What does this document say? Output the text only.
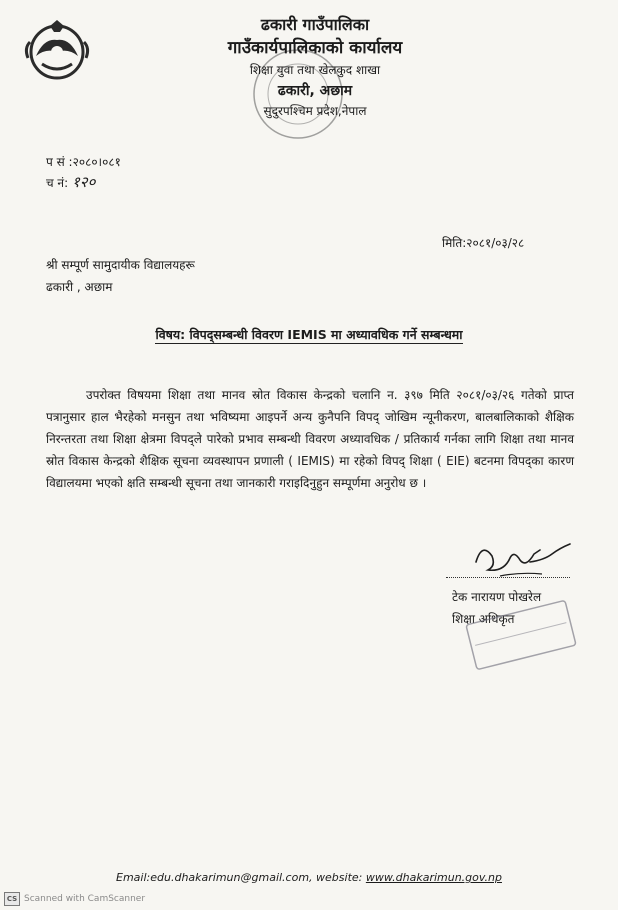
ढकारी गाउँपालिका
गाउँकार्यपालिकाको कार्यालय
शिक्षा युवा तथा खेलकुद शाखा
ढकारी, अछाम
सुदुरपश्चिम प्रदेश,नेपाल
प सं :२०८०।०८१
च नं: १२०
मिति:२०८१/०३/२८
श्री सम्पूर्ण सामुदायीक विद्यालयहरू
ढकारी , अछाम
विषय: विपद्सम्बन्धी विवरण IEMIS मा अध्यावधिक गर्ने सम्बन्धमा
उपरोक्त विषयमा शिक्षा तथा मानव स्रोत विकास केन्द्रको चलानि न. ३९७ मिति २०८१/०३/२६ गतेको प्राप्त पत्रानुसार हाल भैरहेको मनसुन तथा भविष्यमा आइपर्ने अन्य कुनैपनि विपद् जोखिम न्यूनीकरण, बालबालिकाको शैक्षिक निरन्तरता तथा शिक्षा क्षेत्रमा विपद्ले पारेको प्रभाव सम्बन्धी विवरण अध्यावधिक / प्रतिकार्य गर्नका लागि शिक्षा तथा मानव स्रोत विकास केन्द्रको शैक्षिक सूचना व्यवस्थापन प्रणाली ( IEMIS) मा रहेको विपद् शिक्षा ( EIE) बटनमा विपद्का कारण विद्यालयमा भएको क्षति सम्बन्धी सूचना तथा जानकारी गराइदिनुहुन सम्पूर्णमा अनुरोध छ ।
टेक नारायण पोखरेल
शिक्षा अधिकृत
Email:edu.dhakarimun@gmail.com, website: www.dhakarimun.gov.np
CS Scanned with CamScanner
